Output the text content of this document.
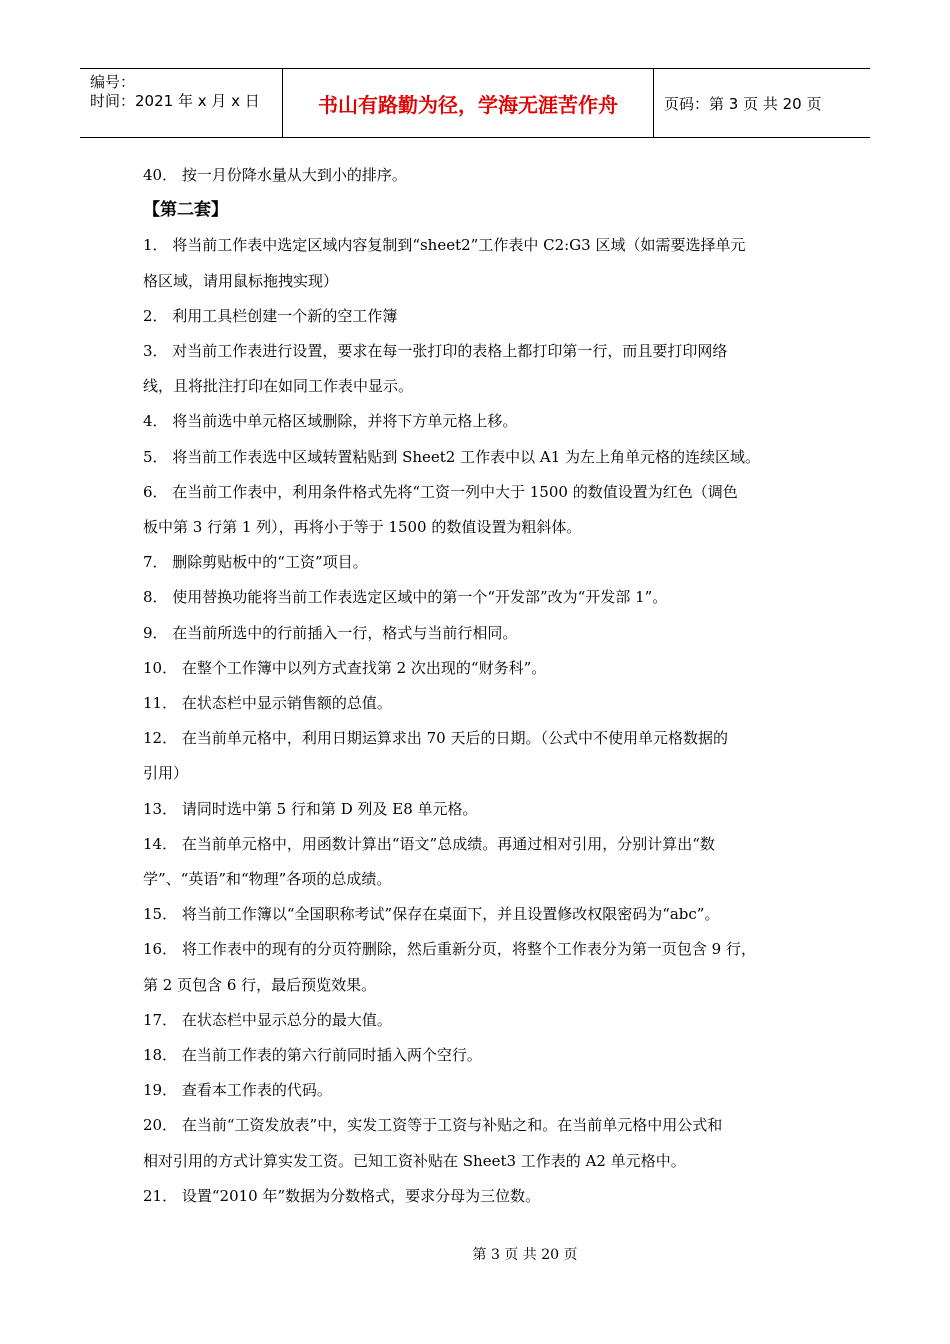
编号：
时间：2021 年 x 月 x 日	书山有路勤为径，学海无涯苦作舟	页码：第 3 页 共 20 页
40． 按一月份降水量从大到小的排序。
【第二套】
1． 将当前工作表中选定区域内容复制到“sheet2”工作表中 C2:G3 区域（如需要选择单元
格区域，请用鼠标拖拽实现）
2． 利用工具栏创建一个新的空工作簿
3． 对当前工作表进行设置，要求在每一张打印的表格上都打印第一行，而且要打印网络
线，且将批注打印在如同工作表中显示。
4． 将当前选中单元格区域删除，并将下方单元格上移。
5． 将当前工作表选中区域转置粘贴到 Sheet2 工作表中以 A1 为左上角单元格的连续区域。
6． 在当前工作表中，利用条件格式先将“工资一列中大于 1500 的数值设置为红色（调色
板中第 3 行第 1 列），再将小于等于 1500 的数值设置为粗斜体。
7． 删除剪贴板中的“工资”项目。
8． 使用替换功能将当前工作表选定区域中的第一个“开发部”改为“开发部 1”。
9． 在当前所选中的行前插入一行，格式与当前行相同。
10． 在整个工作簿中以列方式查找第 2 次出现的“财务科”。
11． 在状态栏中显示销售额的总值。
12． 在当前单元格中，利用日期运算求出 70 天后的日期。（公式中不使用单元格数据的
引用）
13． 请同时选中第 5 行和第 D 列及 E8 单元格。
14． 在当前单元格中，用函数计算出“语文”总成绩。再通过相对引用，分别计算出“数
学”、“英语”和“物理”各项的总成绩。
15． 将当前工作簿以“全国职称考试”保存在桌面下，并且设置修改权限密码为“abc”。
16． 将工作表中的现有的分页符删除，然后重新分页，将整个工作表分为第一页包含 9 行，
第 2 页包含 6 行，最后预览效果。
17． 在状态栏中显示总分的最大值。
18． 在当前工作表的第六行前同时插入两个空行。
19． 查看本工作表的代码。
20． 在当前“工资发放表”中，实发工资等于工资与补贴之和。在当前单元格中用公式和
相对引用的方式计算实发工资。已知工资补贴在 Sheet3 工作表的 A2 单元格中。
21． 设置“2010 年”数据为分数格式，要求分母为三位数。
第 3 页 共 20 页
